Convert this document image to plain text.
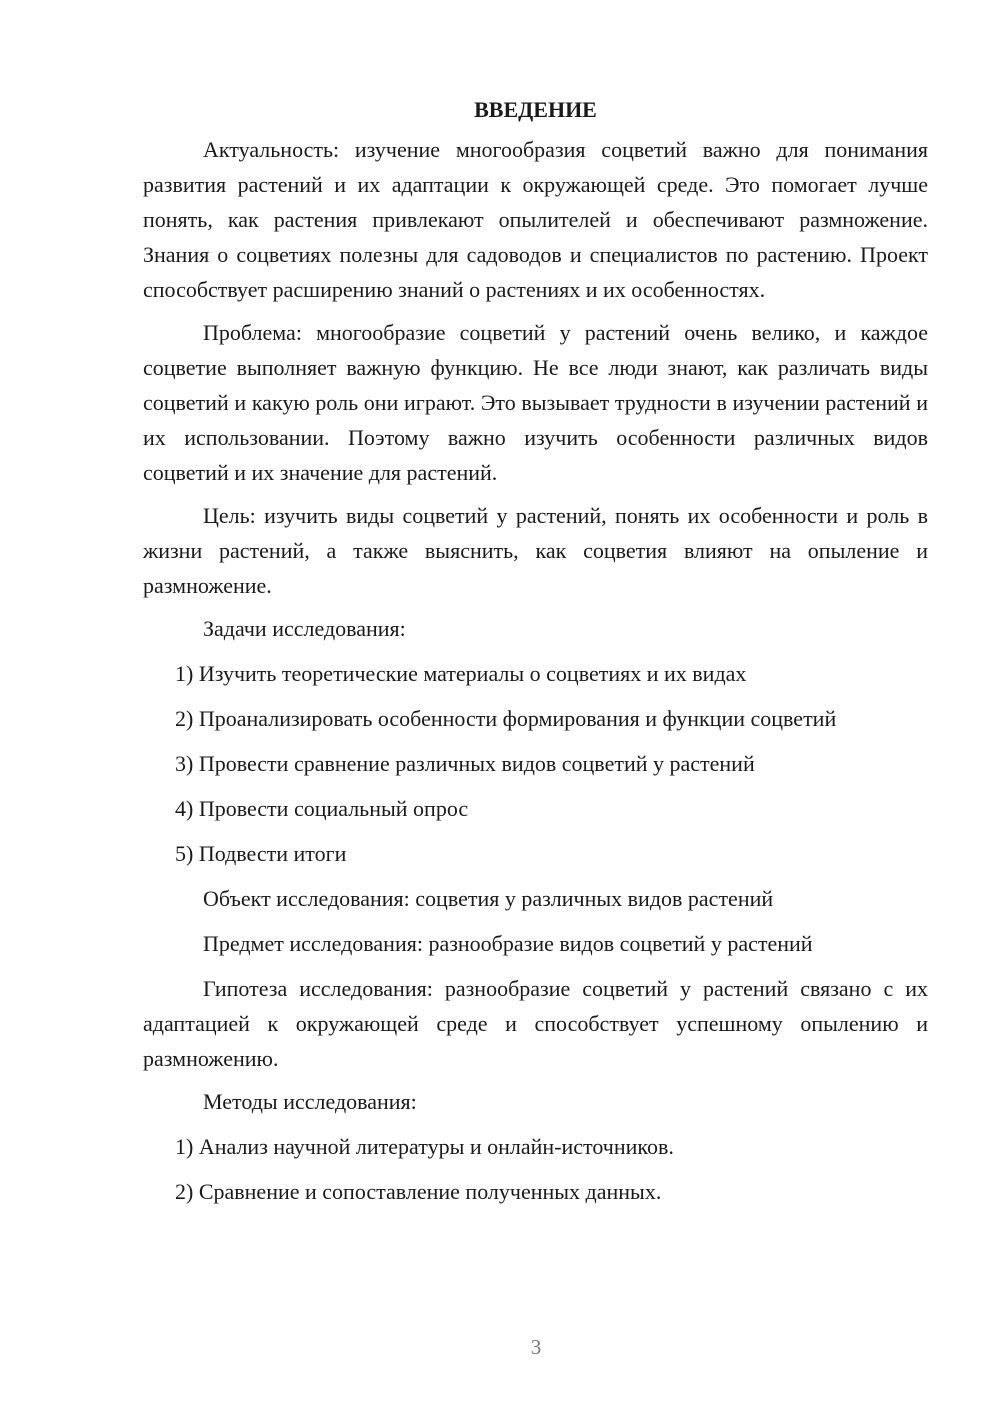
ВВЕДЕНИЕ

Актуальность: изучение многообразия соцветий важно для понимания развития растений и их адаптации к окружающей среде. Это помогает лучше понять, как растения привлекают опылителей и обеспечивают размножение. Знания о соцветиях полезны для садоводов и специалистов по растению. Проект способствует расширению знаний о растениях и их особенностях.

Проблема: многообразие соцветий у растений очень велико, и каждое соцветие выполняет важную функцию. Не все люди знают, как различать виды соцветий и какую роль они играют. Это вызывает трудности в изучении растений и их использовании. Поэтому важно изучить особенности различных видов соцветий и их значение для растений.

Цель: изучить виды соцветий у растений, понять их особенности и роль в жизни растений, а также выяснить, как соцветия влияют на опыление и размножение.

Задачи исследования:
1) Изучить теоретические материалы о соцветиях и их видах
2) Проанализировать особенности формирования и функции соцветий
3) Провести сравнение различных видов соцветий у растений
4) Провести социальный опрос
5) Подвести итоги
Объект исследования: соцветия у различных видов растений
Предмет исследования: разнообразие видов соцветий у растений

Гипотеза исследования: разнообразие соцветий у растений связано с их адаптацией к окружающей среде и способствует успешному опылению и размножению.

Методы исследования:
1) Анализ научной литературы и онлайн-источников.
2) Сравнение и сопоставление полученных данных.
3
